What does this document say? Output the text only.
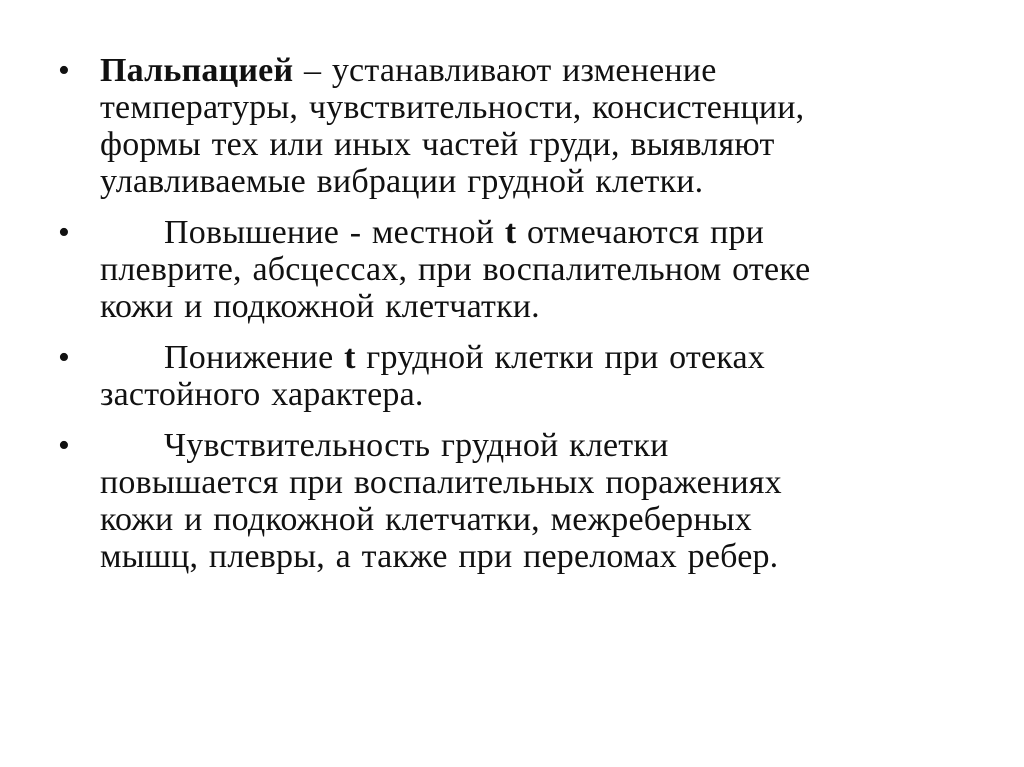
• Пальпацией – устанавливают изменение
температуры, чувствительности, консистенции,
формы тех или иных частей груди, выявляют
улавливаемые вибрации грудной клетки.
•	Повышение - местной t отмечаются при
плеврите, абсцессах, при воспалительном отеке
кожи и подкожной клетчатки.
•	Понижение t грудной клетки при отеках
застойного характера.
•	Чувствительность грудной клетки
повышается при воспалительных поражениях
кожи и подкожной клетчатки, межреберных
мышц, плевры, а также при переломах ребер.
